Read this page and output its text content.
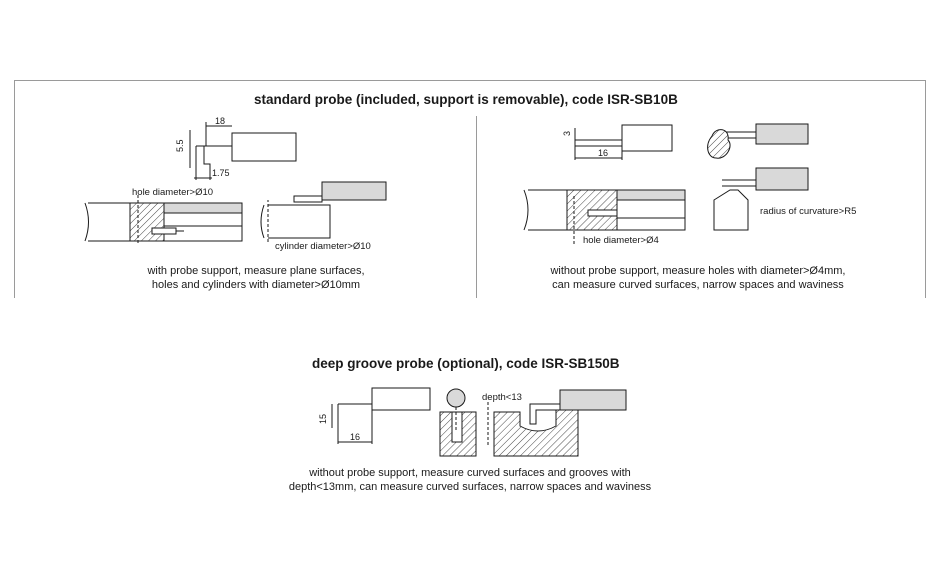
standard probe (included, support is removable), code ISR-SB10B
deep groove probe (optional), code ISR-SB150B
18
5.5
1.75
hole diameter>Ø10
cylinder diameter>Ø10
3
16
hole diameter>Ø4
radius of curvature>R5
15
16
depth<13
with probe support, measure plane surfaces,
holes and cylinders with diameter>Ø10mm
without probe support, measure holes with diameter>Ø4mm,
can measure curved surfaces, narrow spaces and waviness
without probe support, measure curved surfaces and grooves with
depth<13mm, can measure curved surfaces, narrow spaces and waviness
